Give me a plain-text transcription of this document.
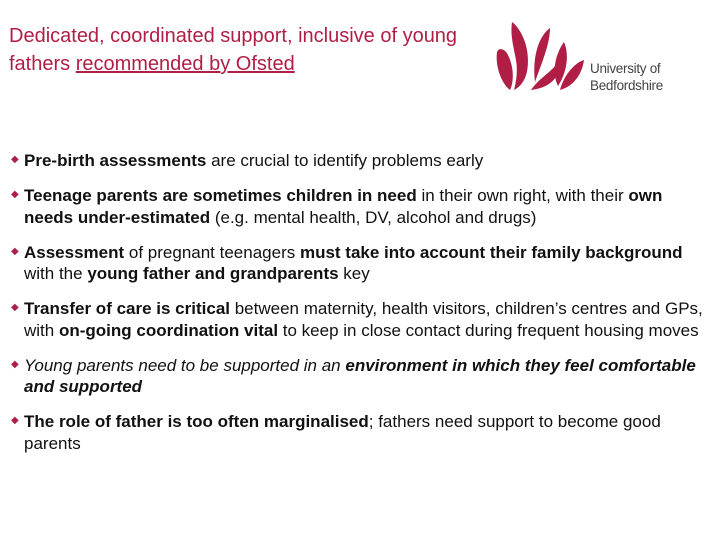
Dedicated, coordinated support, inclusive of young fathers recommended by Ofsted	University of
Bedfordshire
◆ Pre-birth assessments are crucial to identify problems early
◆ Teenage parents are sometimes children in need in their own right, with their own needs under-estimated (e.g. mental health, DV, alcohol and drugs)
◆ Assessment of pregnant teenagers must take into account their family background with the young father and grandparents key
◆ Transfer of care is critical between maternity, health visitors, children’s centres and GPs, with on-going coordination vital to keep in close contact during frequent housing moves
◆ Young parents need to be supported in an environment in which they feel comfortable and supported
◆ The role of father is too often marginalised; fathers need support to become good parents
